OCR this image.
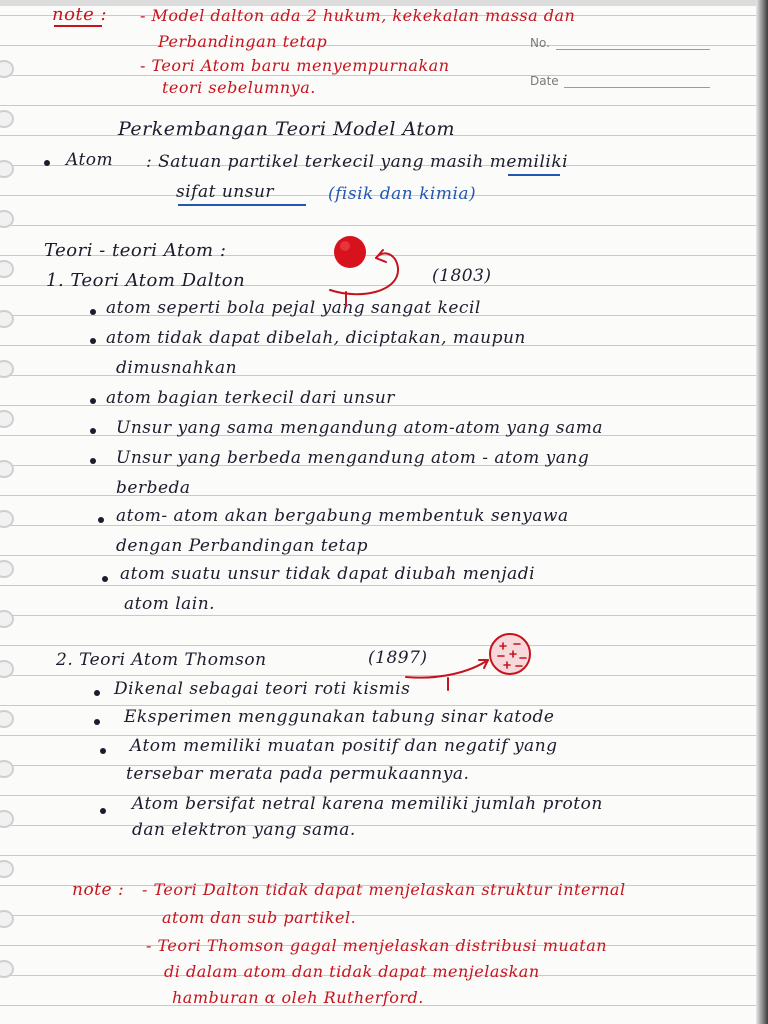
No.
Date
note : - Model dalton ada 2 hukum, kekekalan massa dan
Perbandingan tetap
- Teori Atom baru menyempurnakan
teori sebelumnya.
Perkembangan Teori Model Atom
Atom : Satuan partikel terkecil yang masih memiliki
sifat unsur	(fisik dan kimia)
Teori - teori Atom :
1. Teori Atom Dalton	(1803)
atom seperti bola pejal yang sangat kecil
atom tidak dapat dibelah, diciptakan, maupun
dimusnahkan
atom bagian terkecil dari unsur
Unsur yang sama mengandung atom-atom yang sama
Unsur yang berbeda mengandung atom - atom yang
berbeda
atom- atom akan bergabung membentuk senyawa
dengan Perbandingan tetap
atom suatu unsur tidak dapat diubah menjadi
atom lain.
2. Teori Atom Thomson	(1897)
Dikenal sebagai teori roti kismis
Eksperimen menggunakan tabung sinar katode
Atom memiliki muatan positif dan negatif yang
tersebar merata pada permukaannya.
Atom bersifat netral karena memiliki jumlah proton
dan elektron yang sama.
note : - Teori Dalton tidak dapat menjelaskan struktur internal
atom dan sub partikel.
- Teori Thomson gagal menjelaskan distribusi muatan
di dalam atom dan tidak dapat menjelaskan
hamburan α oleh Rutherford.
